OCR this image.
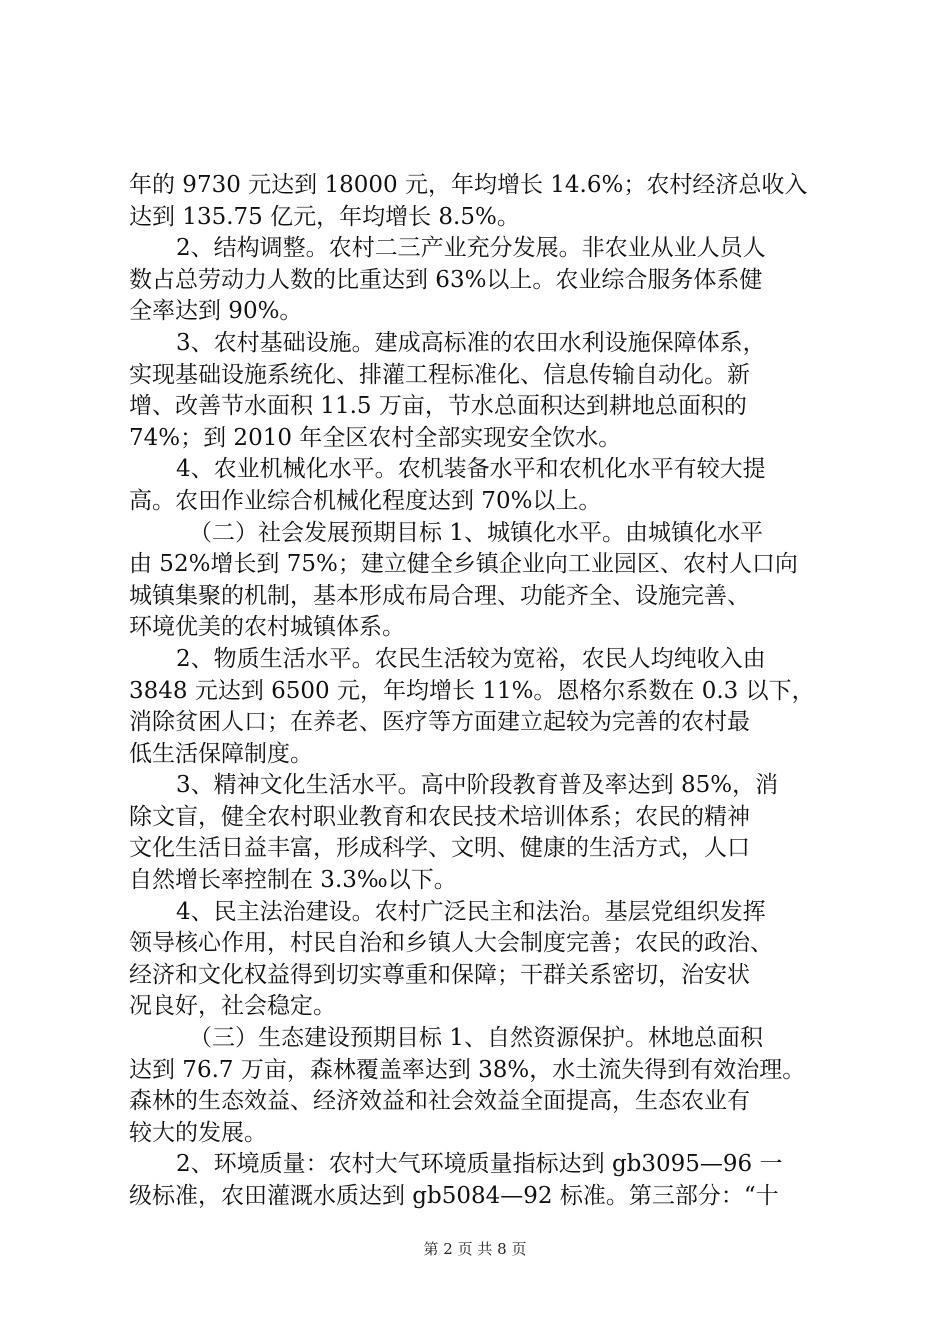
年的 9730 元达到 18000 元，年均增长 14.6%；农村经济总收入
达到 135.75 亿元，年均增长 8.5%。
2、结构调整。农村二三产业充分发展。非农业从业人员人
数占总劳动力人数的比重达到 63%以上。农业综合服务体系健
全率达到 90%。
3、农村基础设施。建成高标准的农田水利设施保障体系，
实现基础设施系统化、排灌工程标准化、信息传输自动化。新
增、改善节水面积 11.5 万亩，节水总面积达到耕地总面积的
74%；到 2010 年全区农村全部实现安全饮水。
4、农业机械化水平。农机装备水平和农机化水平有较大提
高。农田作业综合机械化程度达到 70%以上。
（二）社会发展预期目标 1、城镇化水平。由城镇化水平
由 52%增长到 75%；建立健全乡镇企业向工业园区、农村人口向
城镇集聚的机制，基本形成布局合理、功能齐全、设施完善、
环境优美的农村城镇体系。
2、物质生活水平。农民生活较为宽裕，农民人均纯收入由
3848 元达到 6500 元，年均增长 11%。恩格尔系数在 0.3 以下，
消除贫困人口；在养老、医疗等方面建立起较为完善的农村最
低生活保障制度。
3、精神文化生活水平。高中阶段教育普及率达到 85%，消
除文盲，健全农村职业教育和农民技术培训体系；农民的精神
文化生活日益丰富，形成科学、文明、健康的生活方式，人口
自然增长率控制在 3.3‰以下。
4、民主法治建设。农村广泛民主和法治。基层党组织发挥
领导核心作用，村民自治和乡镇人大会制度完善；农民的政治、
经济和文化权益得到切实尊重和保障；干群关系密切，治安状
况良好，社会稳定。
（三）生态建设预期目标 1、自然资源保护。林地总面积
达到 76.7 万亩，森林覆盖率达到 38%，水土流失得到有效治理。
森林的生态效益、经济效益和社会效益全面提高，生态农业有
较大的发展。
2、环境质量：农村大气环境质量指标达到 gb3095—96 一
级标准，农田灌溉水质达到 gb5084—92 标准。第三部分：“十
第 2 页 共 8 页
